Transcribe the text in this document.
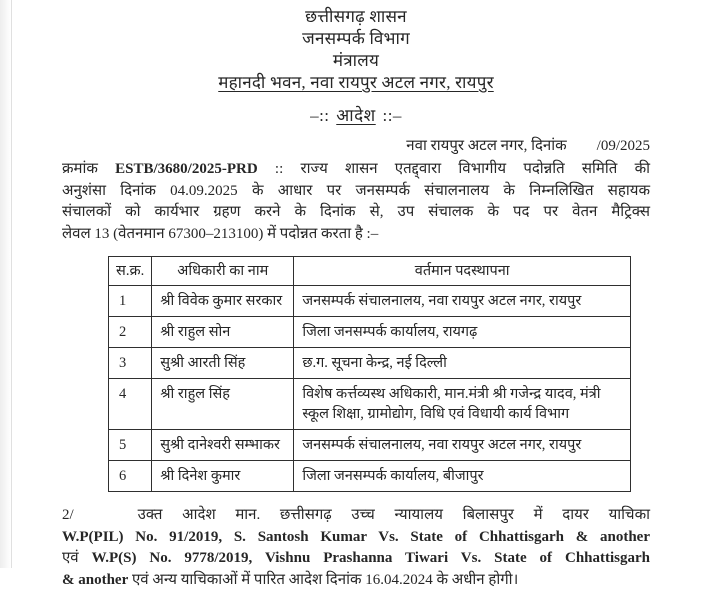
छत्तीसगढ़ शासन
जनसम्पर्क विभाग
मंत्रालय
महानदी भवन, नवा रायपुर अटल नगर, रायपुर
–:: आदेश ::–
नवा रायपुर अटल नगर, दिनांक /09/2025
क्रमांक ESTB/3680/2025-PRD :: राज्य शासन एतद्द्वारा विभागीय पदोन्नति समिति की
अनुशंसा दिनांक 04.09.2025 के आधार पर जनसम्पर्क संचालनालय के निम्नलिखित सहायक
संचालकों को कार्यभार ग्रहण करने के दिनांक से, उप संचालक के पद पर वेतन मैट्रिक्स
लेवल 13 (वेतनमान 67300–213100) में पदोन्नत करता है :–
स.क्र.	अधिकारी का नाम	वर्तमान पदस्थापना
1	श्री विवेक कुमार सरकार	जनसम्पर्क संचालनालय, नवा रायपुर अटल नगर, रायपुर
2	श्री राहुल सोन	जिला जनसम्पर्क कार्यालय, रायगढ़
3	सुश्री आरती सिंह	छ.ग. सूचना केन्द्र, नई दिल्ली
4	श्री राहुल सिंह	विशेष कर्त्तव्यस्थ अधिकारी, मान.मंत्री श्री गजेन्द्र यादव, मंत्री स्कूल शिक्षा, ग्रामोद्योग, विधि एवं विधायी कार्य विभाग
5	सुश्री दानेश्वरी सम्भाकर	जनसम्पर्क संचालनालय, नवा रायपुर अटल नगर, रायपुर
6	श्री दिनेश कुमार	जिला जनसम्पर्क कार्यालय, बीजापुर
2/	उक्त आदेश मान. छत्तीसगढ़ उच्च न्यायालय बिलासपुर में दायर याचिका
W.P(PIL) No. 91/2019, S. Santosh Kumar Vs. State of Chhattisgarh & another
एवं W.P(S) No. 9778/2019, Vishnu Prashanna Tiwari Vs. State of Chhattisgarh
& another एवं अन्य याचिकाओं में पारित आदेश दिनांक 16.04.2024 के अधीन होगी।
